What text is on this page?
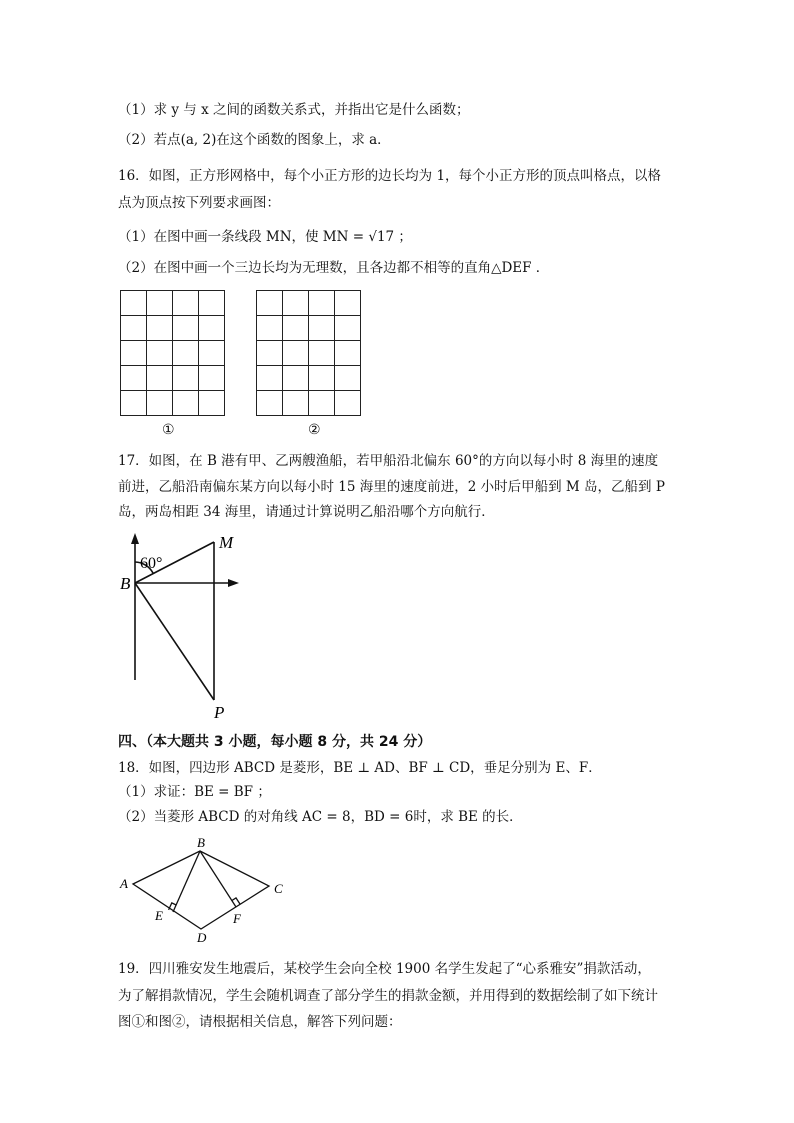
（1）求 y 与 x 之间的函数关系式，并指出它是什么函数；
（2）若点(a, 2)在这个函数的图象上，求 a．
16．如图，正方形网格中，每个小正方形的边长均为 1，每个小正方形的顶点叫格点，以格
点为顶点按下列要求画图：
（1）在图中画一条线段 MN，使 MN = √17 ；
（2）在图中画一个三边长均为无理数，且各边都不相等的直角△DEF ．
①	②
17．如图，在 B 港有甲、乙两艘渔船，若甲船沿北偏东 60°的方向以每小时 8 海里的速度
前进，乙船沿南偏东某方向以每小时 15 海里的速度前进，2 小时后甲船到 M 岛，乙船到 P
岛，两岛相距 34 海里，请通过计算说明乙船沿哪个方向航行．
60°
B
M
P
四、（本大题共 3 小题，每小题 8 分，共 24 分）
18．如图，四边形 ABCD 是菱形，BE ⊥ AD、BF ⊥ CD，垂足分别为 E、F．
（1）求证：BE = BF ；
（2）当菱形 ABCD 的对角线 AC = 8，BD = 6时，求 BE 的长．
A
B
C
D
E	F
19．四川雅安发生地震后，某校学生会向全校 1900 名学生发起了“心系雅安”捐款活动，
为了解捐款情况，学生会随机调查了部分学生的捐款金额，并用得到的数据绘制了如下统计
图①和图②，请根据相关信息，解答下列问题：
